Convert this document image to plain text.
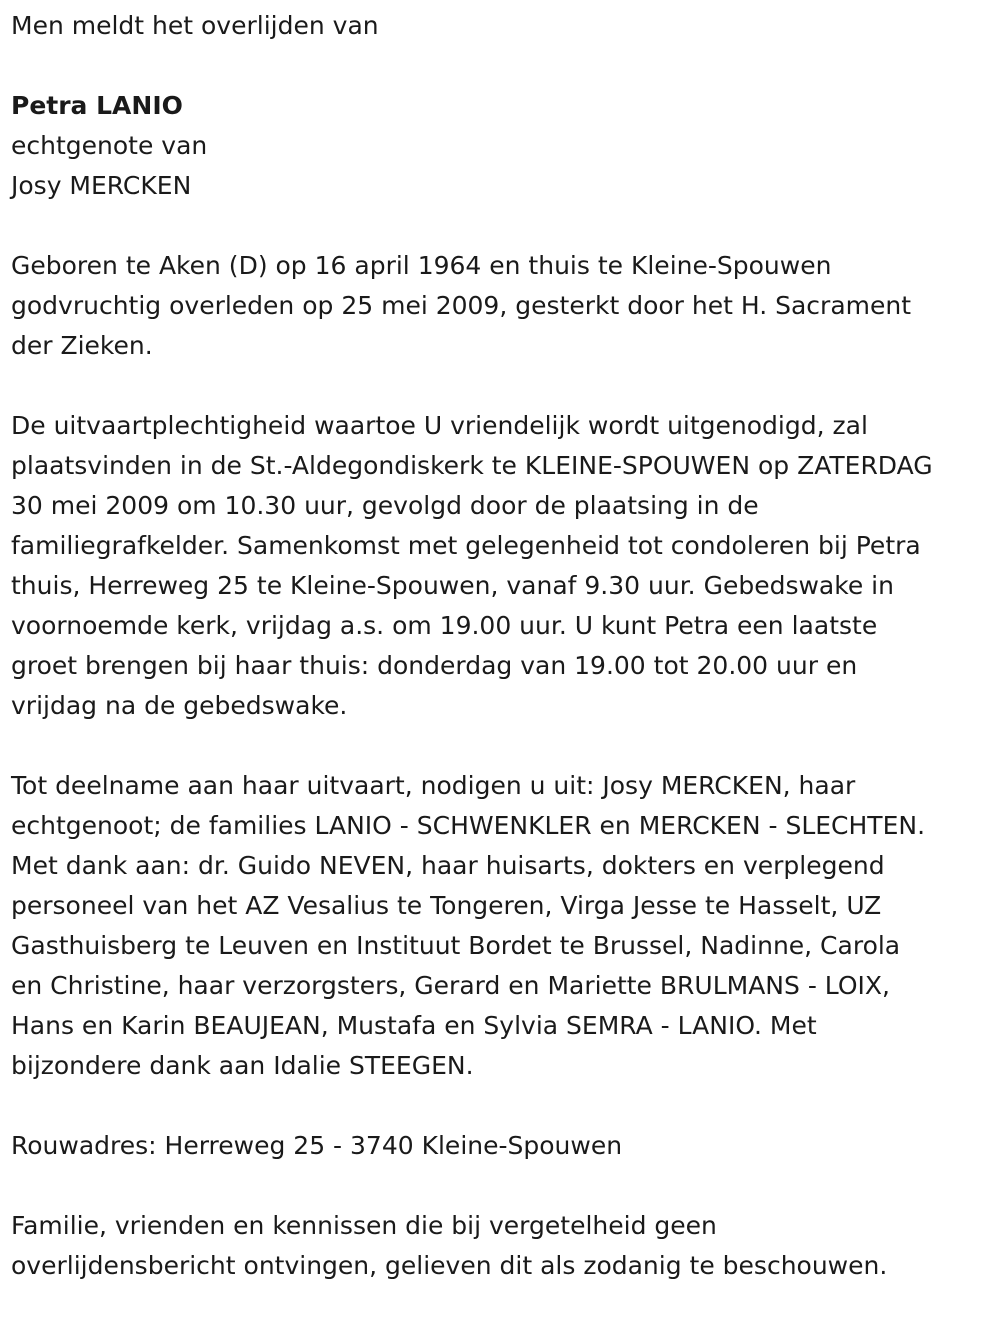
Men meldt het overlijden van

Petra LANIO

echtgenote van

Josy MERCKEN

Geboren te Aken (D) op 16 april 1964 en thuis te Kleine-Spouwen

godvruchtig overleden op 25 mei 2009, gesterkt door het H. Sacrament

der Zieken.

De uitvaartplechtigheid waartoe U vriendelijk wordt uitgenodigd, zal

plaatsvinden in de St.-Aldegondiskerk te KLEINE-SPOUWEN op ZATERDAG

30 mei 2009 om 10.30 uur, gevolgd door de plaatsing in de

familiegrafkelder. Samenkomst met gelegenheid tot condoleren bij Petra

thuis, Herreweg 25 te Kleine-Spouwen, vanaf 9.30 uur. Gebedswake in

voornoemde kerk, vrijdag a.s. om 19.00 uur. U kunt Petra een laatste

groet brengen bij haar thuis: donderdag van 19.00 tot 20.00 uur en

vrijdag na de gebedswake.

Tot deelname aan haar uitvaart, nodigen u uit: Josy MERCKEN, haar

echtgenoot; de families LANIO - SCHWENKLER en MERCKEN - SLECHTEN.

Met dank aan: dr. Guido NEVEN, haar huisarts, dokters en verplegend

personeel van het AZ Vesalius te Tongeren, Virga Jesse te Hasselt, UZ

Gasthuisberg te Leuven en Instituut Bordet te Brussel, Nadinne, Carola

en Christine, haar verzorgsters, Gerard en Mariette BRULMANS - LOIX,

Hans en Karin BEAUJEAN, Mustafa en Sylvia SEMRA - LANIO. Met

bijzondere dank aan Idalie STEEGEN.

Rouwadres: Herreweg 25 - 3740 Kleine-Spouwen

Familie, vrienden en kennissen die bij vergetelheid geen

overlijdensbericht ontvingen, gelieven dit als zodanig te beschouwen.
